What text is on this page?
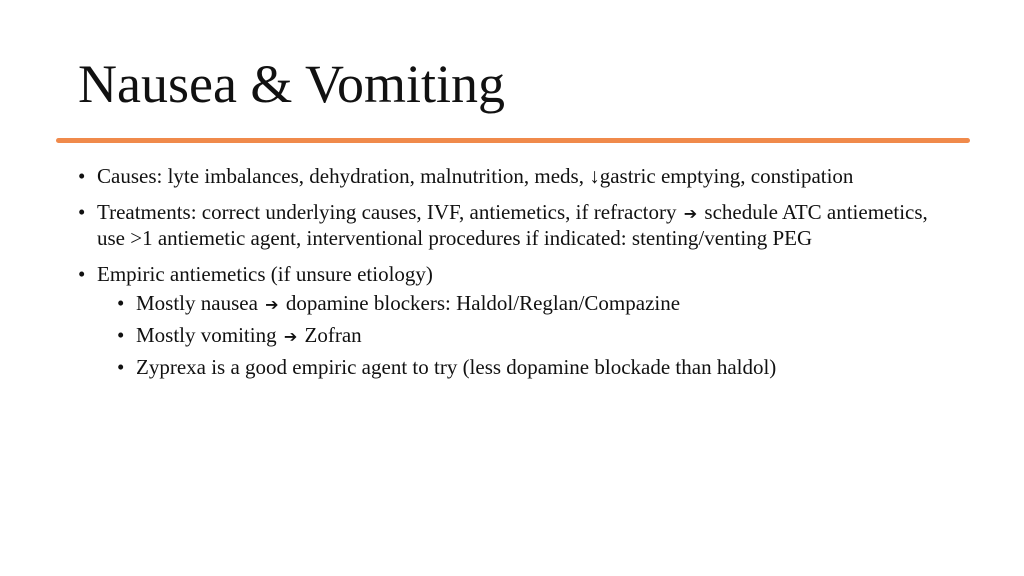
Nausea & Vomiting
• Causes: lyte imbalances, dehydration, malnutrition, meds, ↓gastric emptying, constipation
• Treatments: correct underlying causes, IVF, antiemetics, if refractory ➔ schedule ATC antiemetics, use >1 antiemetic agent, interventional procedures if indicated: stenting/venting PEG
• Empiric antiemetics (if unsure etiology)
• Mostly nausea ➔ dopamine blockers: Haldol/Reglan/Compazine
• Mostly vomiting ➔ Zofran
• Zyprexa is a good empiric agent to try (less dopamine blockade than haldol)
